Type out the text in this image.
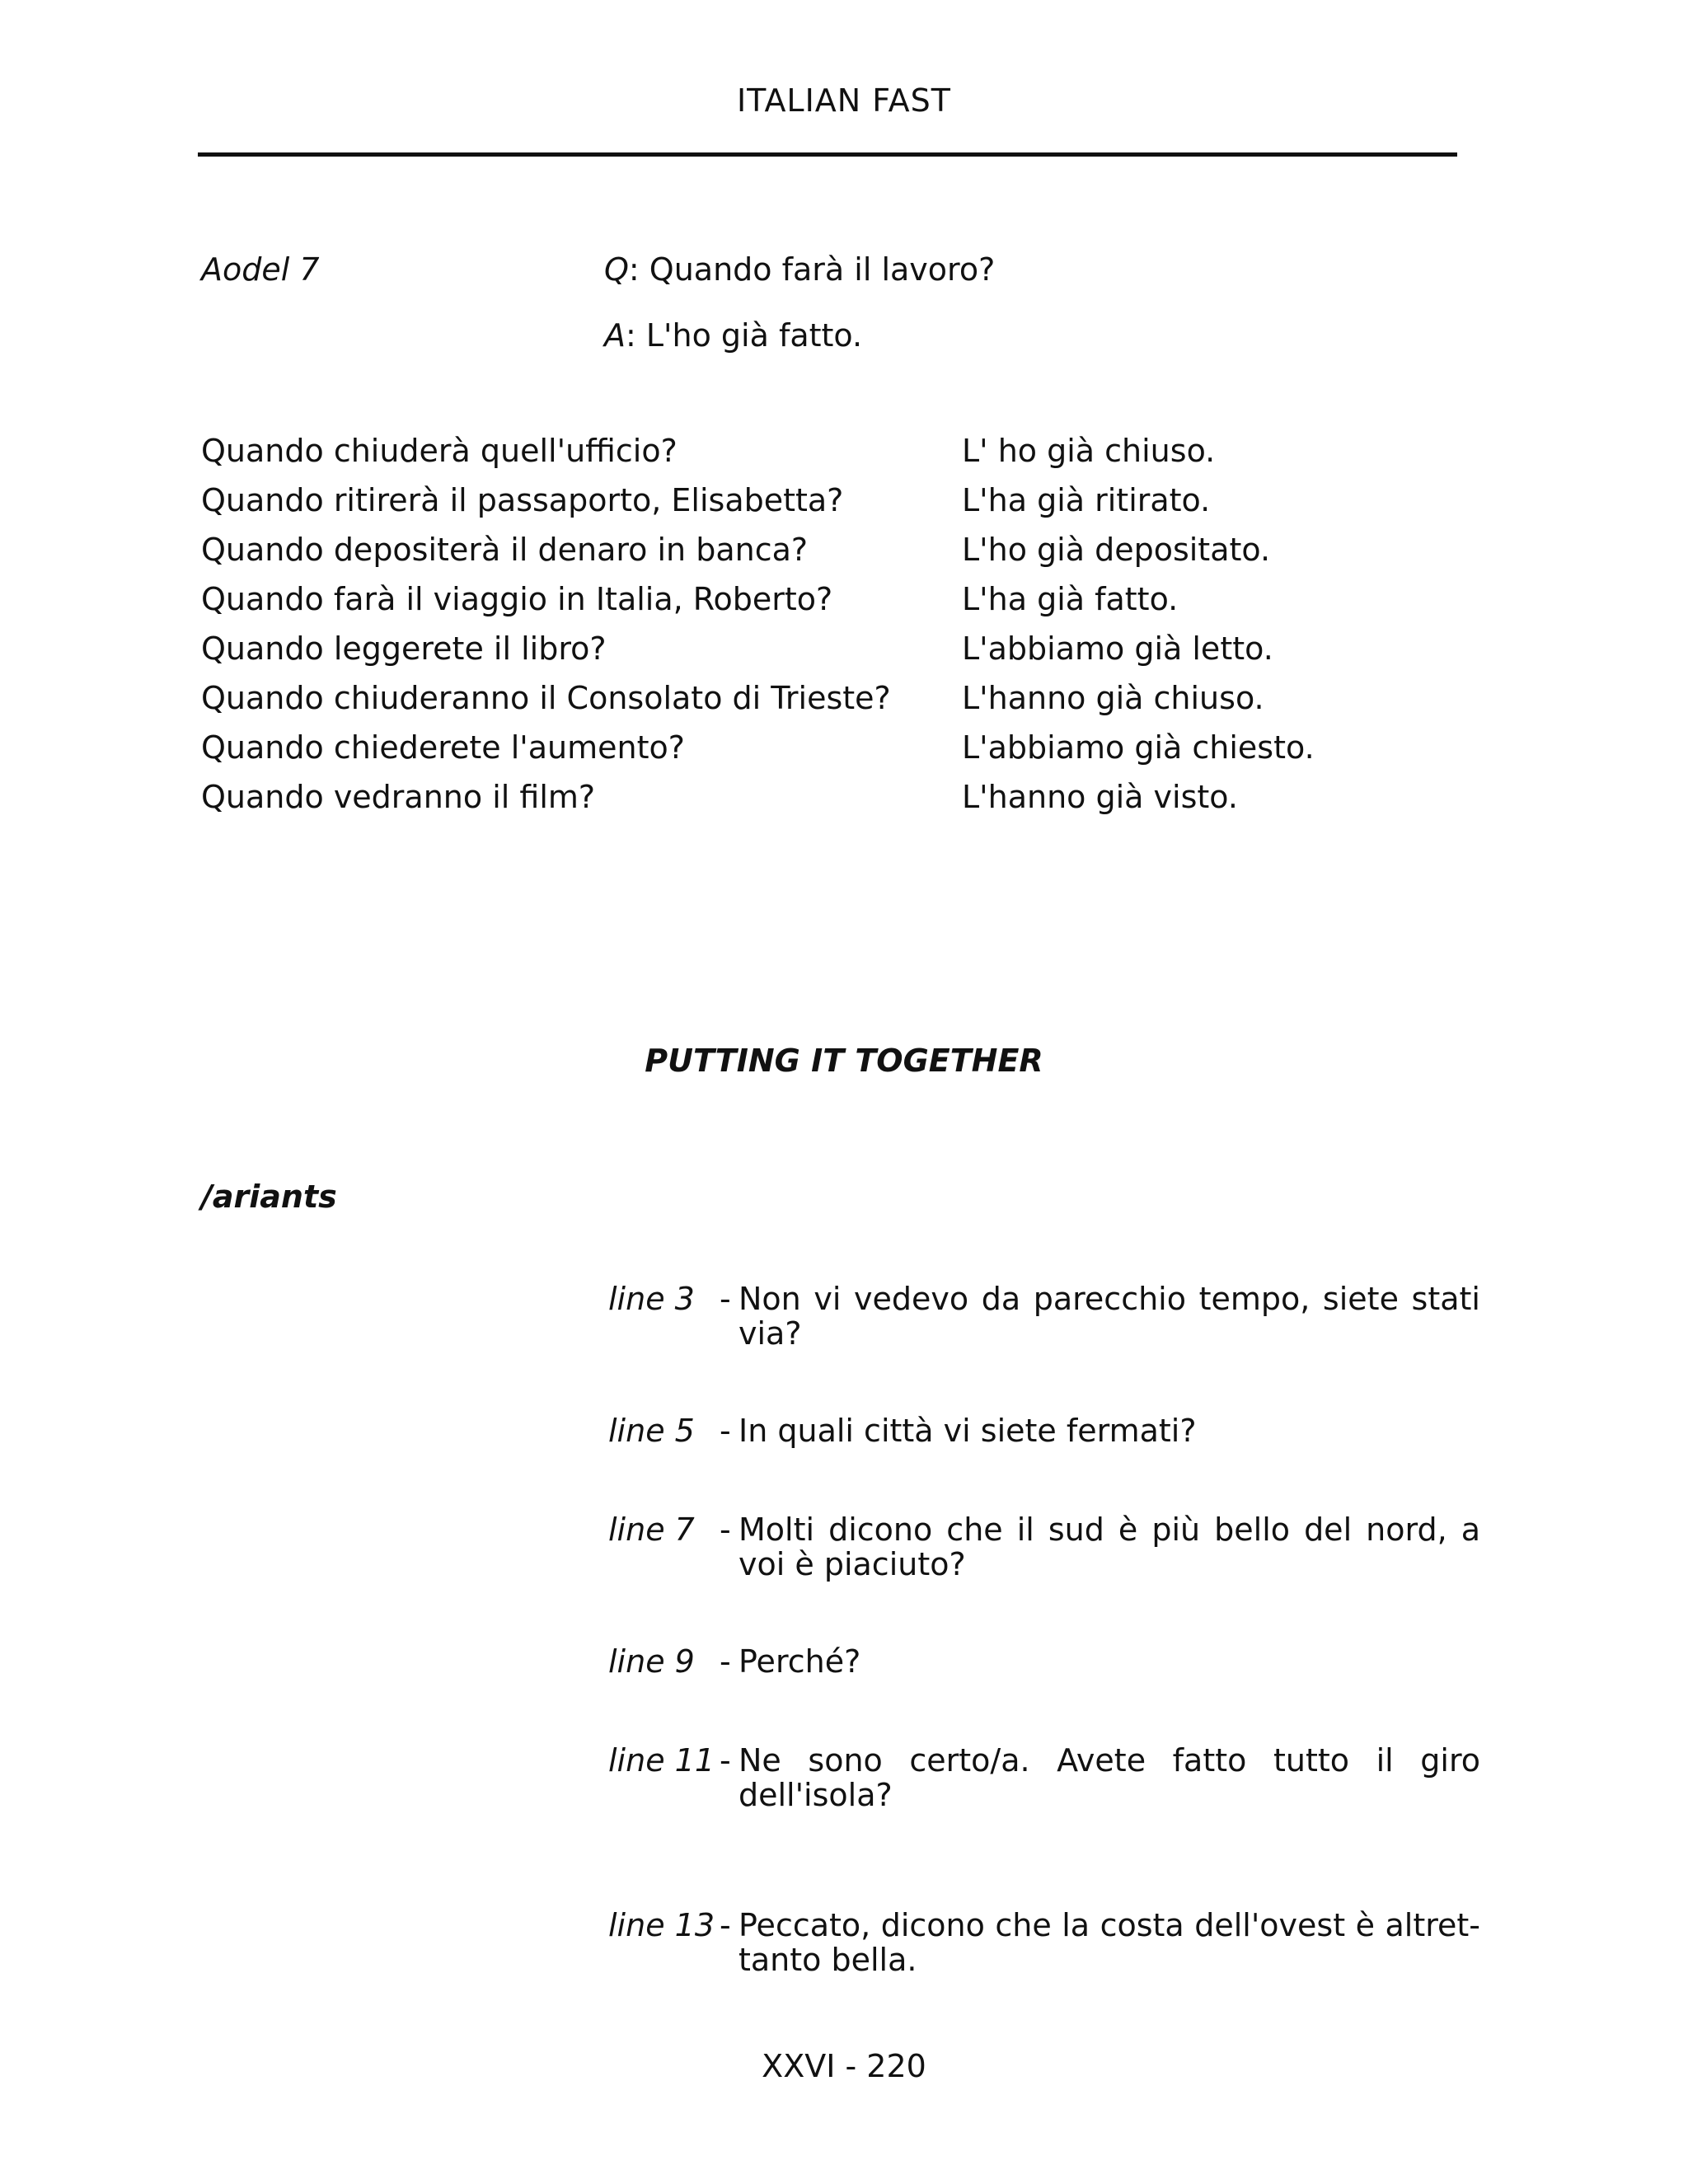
ITALIAN FAST
Aodel 7	Q: Quando farà il lavoro?
A: L'ho già fatto.
Quando chiuderà quell'ufficio?	L' ho già chiuso.
Quando ritirerà il passaporto, Elisabetta?	L'ha già ritirato.
Quando depositerà il denaro in banca?	L'ho già depositato.
Quando farà il viaggio in Italia, Roberto?	L'ha già fatto.
Quando leggerete il libro?	L'abbiamo già letto.
Quando chiuderanno il Consolato di Trieste? L'hanno già chiuso.
Quando chiederete l'aumento?	L'abbiamo già chiesto.
Quando vedranno il film?	L'hanno già visto.
PUTTING IT TOGETHER
/ariants
line 3 - Non vi vedevo da parecchio tempo, siete stati via?
line 5 - In quali città vi siete fermati?
line 7 - Molti dicono che il sud è più bello del nord, a voi è piaciuto?
line 9 - Perché?
line 11 - Ne sono certo/a. Avete fatto tutto il giro dell'isola?
line 13 - Peccato, dicono che la costa dell'ovest è altret-tanto bella.
XXVI - 220
